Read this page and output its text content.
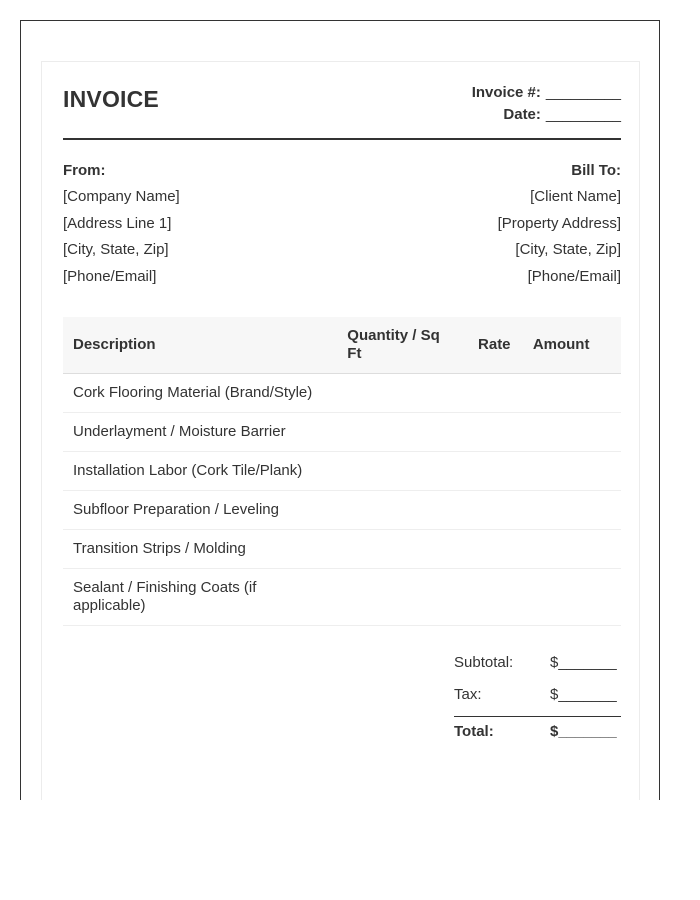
INVOICE	Invoice #: _________
Date: _________
From:
[Company Name]
[Address Line 1]
[City, State, Zip]
[Phone/Email]
Bill To:
[Client Name]
[Property Address]
[City, State, Zip]
[Phone/Email]
Description	Quantity / Sq Ft	Rate	Amount
Cork Flooring Material (Brand/Style)			
Underlayment / Moisture Barrier			
Installation Labor (Cork Tile/Plank)			
Subfloor Preparation / Leveling			
Transition Strips / Molding			
Sealant / Finishing Coats (if applicable)			
Subtotal: $_______
Tax:	$_______
Total:	$_______
